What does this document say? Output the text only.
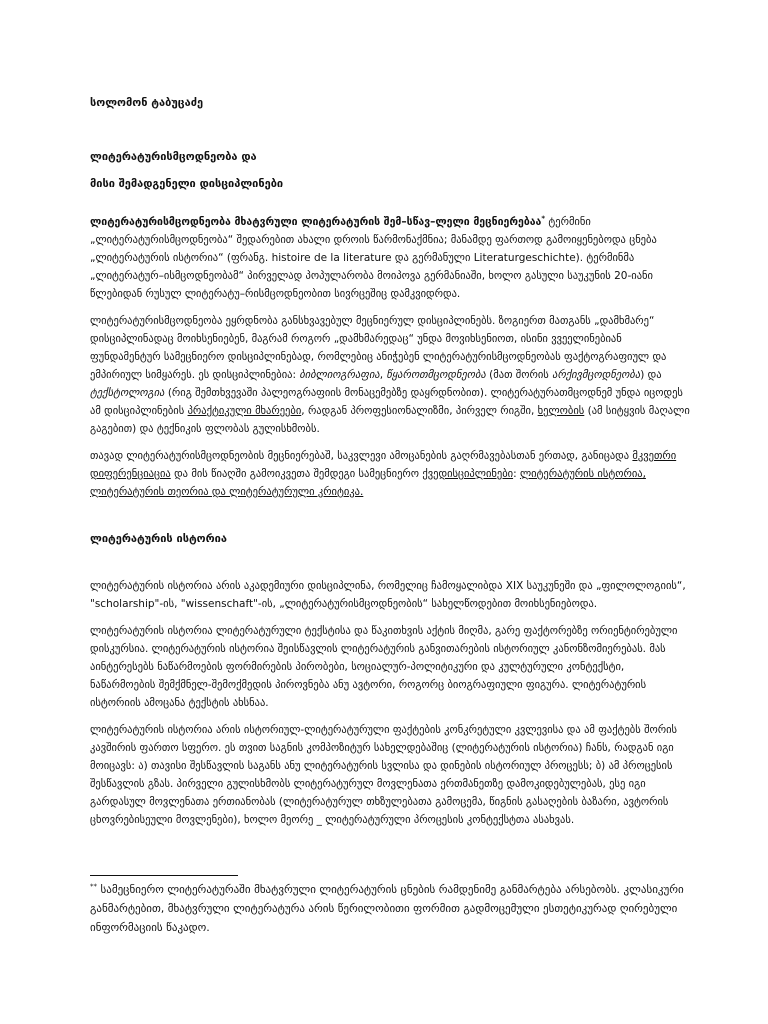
სოლომონ ტაბუცაძე
ლიტერატურისმცოდნეობა და
მისი შემადგენელი დისციპლინები

ლიტერატურისმცოდნეობა მხატვრული ლიტერატურის შემ–სწავ–ლელი მეცნიერებაა* ტერმინი „ლიტერატურისმცოდნეობა“ შედარებით ახალი დროის წარმონაქმნია; მანამდე ფართოდ გამოიყენებოდა ცნება „ლიტერატურის ისტორია“ (ფრანგ. histoire de la literature და გერმანული Literaturgeschichte). ტერმინმა „ლიტერატურ–ისმცოდნეობამ“ პირველად პოპულარობა მოიპოვა გერმანიაში, ხოლო გასული საუკუნის 20-იანი წლებიდან რუსულ ლიტერატუ–რისმცოდნეობით სივრცეშიც დამკვიდრდა.

ლიტერატურისმცოდნეობა ეყრდნობა განსხვავებულ მეცნიერულ დისციპლინებს. ზოგიერთ მათგანს „დამხმარე“ დისციპლინადაც მოიხსენიებენ, მაგრამ როგორ „დამხმარედაც“ უნდა მოვიხსენიოთ, ისინი ვვეელინებიან ფუნდამენტურ სამეცნიერო დისციპლინებად, რომლებიც ანიჭებენ ლიტერატურისმცოდნეობას ფაქტოგრაფიულ და ემპირიულ სიმყარეს. ეს დისციპლინებია: ბიბლიოგრაფია, წყაროთმცოდნეობა (მათ შორის არქივმცოდნეობა) და ტექსტოლოგია (რიგ შემთხვევაში პალეოგრაფიის მონაცემებზე დაყრდნობით). ლიტერატურათმცოდნემ უნდა იცოდეს ამ დისციპლინების პრაქტიკული მხარეები, რადგან პროფესიონალიზმი, პირველ რიგში, ხელობის (ამ სიტყვის მაღალი გაგებით) და ტექნიკის ფლობას გულისხმობს.

თავად ლიტერატურისმცოდნეობის მეცნიერებაშ, საკვლევი ამოცანების გაღრმავებასთან ერთად, განიცადა მკვეთრი დიფერენციაცია და მის წიაღში გამოიკვეთა შემდეგი სამეცნიერო ქვედისციპლინები: ლიტერატურის ისტორია, ლიტერატურის თეორია და ლიტერატურული კრიტიკა.

ლიტერატურის ისტორია

ლიტერატურის ისტორია არის აკადემიური დისციპლინა, რომელიც ჩამოყალიბდა XIX საუკუნეში და „ფილოლოგიის“, "scholarship"-ის, "wissenschaft"-ის, „ლიტერატურისმცოდნეობის“ სახელწოდებით მოიხსენიებოდა.

ლიტერატურის ისტორია ლიტერატურული ტექსტისა და წაკითხვის აქტის მიღმა, გარე ფაქტორებზე ორიენტირებული დისკურსია. ლიტერატურის ისტორია შეისწავლის ლიტერატურის განვითარების ისტორიულ კანონზომიერებას. მას აინტერესებს ნაწარმოების ფორმირების პირობები, სოციალურ-პოლიტიკური და კულტურული კონტექსტი, ნაწარმოების შემქმნელ-შემოქმედის პიროვნება ანუ ავტორი, როგორც ბიოგრაფიული ფიგურა. ლიტერატურის ისტორიის ამოცანა ტექსტის ახსნაა.

ლიტერატურის ისტორია არის ისტორიულ-ლიტერატურული ფაქტების კონკრეტული კვლევისა და ამ ფაქტებს შორის კავშირის ფართო სფერო. ეს თვით საგნის კომპოზიტურ სახელდებაშიც (ლიტერატურის ისტორია) ჩანს, რადგან იგი მოიცავს: ა) თავისი შესწავლის საგანს ანუ ლიტერატურის სვლისა და დინების ისტორიულ პროცესს; ბ) ამ პროცესის შესწავლის გზას. პირველი გულისხმობს ლიტერატურულ მოვლენათა ერთმანეთზე დამოკიდებულებას, ესე იგი გარდასულ მოვლენათა ერთიანობას (ლიტერატურულ თხზულებათა გამოცემა, წიგნის გასაღების ბაზარი, ავტორის ცხოვრებისეული მოვლენები), ხოლო მეორე _ ლიტერატურული პროცესის კონტექსტთა ასახვას.

** სამეცნიერო ლიტერატურაში მხატვრული ლიტერატურის ცნების რამდენიმე განმარტება არსებობს. კლასიკური განმარტებით, მხატვრული ლიტერატურა არის წერილობითი ფორმით გადმოცემული ესთეტიკურად ღირებული ინფორმაციის წაკადო.
